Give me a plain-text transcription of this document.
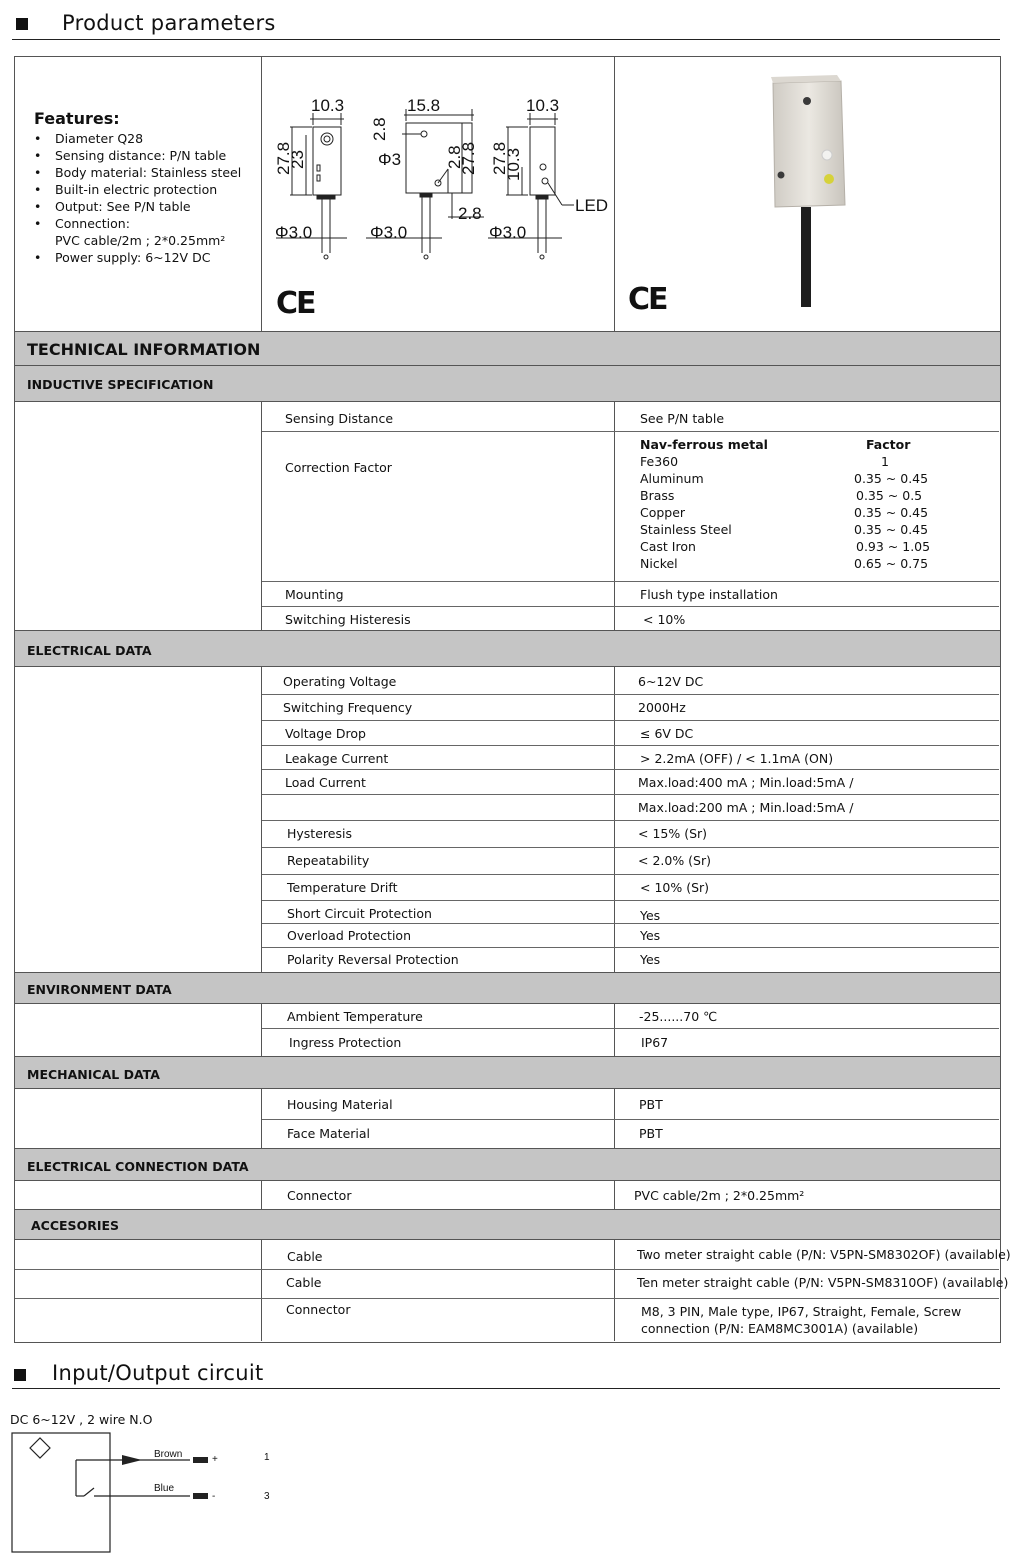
Product parameters
Features:
• Diameter Q28
• Sensing distance: P/N table
• Body material: Stainless steel
• Built-in electric protection
• Output: See P/N table
• Connection:
PVC cable/2m ; 2*0.25mm²
• Power supply: 6~12V DC
10.3	15.8	10.3
27.8
23
2.8
Φ3	2.8
27.8 27.8
10.3
2.8	LED
Φ3.0	Φ3.0	Φ3.0
CE	CE
TECHNICAL INFORMATION
INDUCTIVE SPECIFICATION
Sensing Distance	See P/N table
Correction Factor
Nav-ferrous metal	Factor
Fe360	1
Aluminum	0.35 ~ 0.45
Brass	0.35 ~ 0.5
Copper	0.35 ~ 0.45
Stainless Steel	0.35 ~ 0.45
Cast Iron	0.93 ~ 1.05
Nickel	0.65 ~ 0.75
Mounting	Flush type installation
Switching Histeresis	< 10%
ELECTRICAL DATA
Operating Voltage	6~12V DC
Switching Frequency	2000Hz
Voltage Drop	≤ 6V DC
Leakage Current	> 2.2mA (OFF) / < 1.1mA (ON)
Load Current	Max.load:400 mA ; Min.load:5mA /
Max.load:200 mA ; Min.load:5mA /
Hysteresis	< 15% (Sr)
Repeatability	< 2.0% (Sr)
Temperature Drift	< 10% (Sr)
Short Circuit Protection	Yes
Overload Protection	Yes
Polarity Reversal Protection	Yes
ENVIRONMENT DATA
Ambient Temperature	-25......70 ℃
Ingress Protection	IP67
MECHANICAL DATA
Housing Material	PBT
Face Material	PBT
ELECTRICAL CONNECTION DATA
Connector	PVC cable/2m ; 2*0.25mm²
ACCESORIES
Cable	Two meter straight cable (P/N: V5PN-SM8302OF) (available)
Cable	Ten meter straight cable (P/N: V5PN-SM8310OF) (available)
Connector	M8, 3 PIN, Male type, IP67, Straight, Female, Screw
connection (P/N: EAM8MC3001A) (available)
Input/Output circuit
DC 6~12V , 2 wire N.O
Brown
Blue
+
-
1
3
